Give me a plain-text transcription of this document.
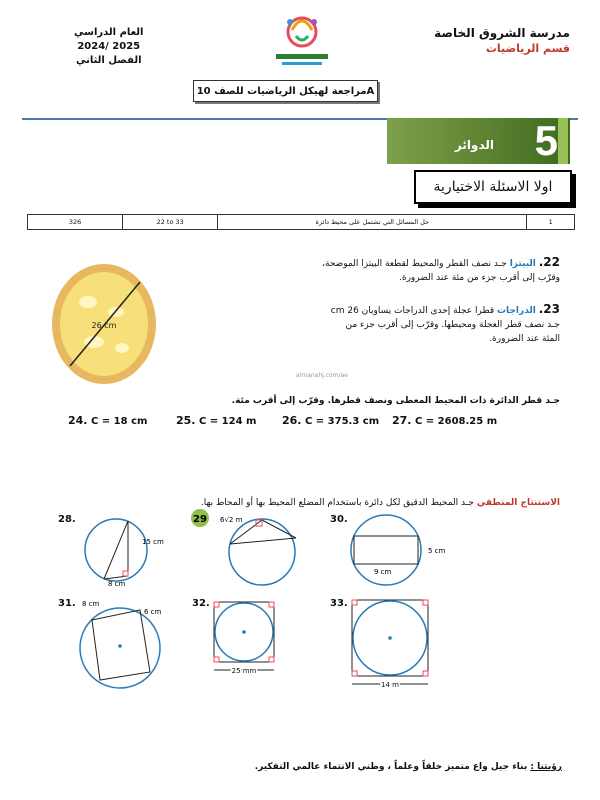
مدرسة الشروق الخاصة
قسم الرياضيات
العام الدراسي
2024/ 2025
الفصل الثاني
مراجعة لهيكل الرياضيات للصف 10A
الدوائر 5
اولا الاسئلة الاختيارية
326	22 to 33	حل المسائل التي تشتمل على محيط دائرة	1
26 cm
22. البيتزا جـد نصف القطر والمحيط لقطعة البيتزا الموضحة،
وقرّب إلى أقرب جزء من مئة عند الضرورة.
23. الدراجات قطرا عجلة إحدى الدراجات يساويان 26 cm
جـد نصف قطر العجلة ومحيطها. وقرّب إلى أقرب جزء من
المئة عند الضرورة.
almanahj.com/ae
جـد قطر الدائرة ذات المحيط المعطى ونصف قطرها. وقرّب إلى أقرب مئة.
24. C = 18 cm	25. C = 124 m 26. C = 375.3 cm 27. C = 2608.25 m
الاستنتاج المنطقي جـد المحيط الدقيق لكل دائرة باستخدام المضلع المحيط بها أو المحاط بها.
28.
15 cm
8 cm
29 6√2 m	30.
5 cm
9 cm
31. 8 cm
6 cm
32.
25 mm
33.
14 m
رؤيتنا : بناء جيل واع متميز خلقاً وعلماً ، وطني الانتماء عالمي التفكير.
